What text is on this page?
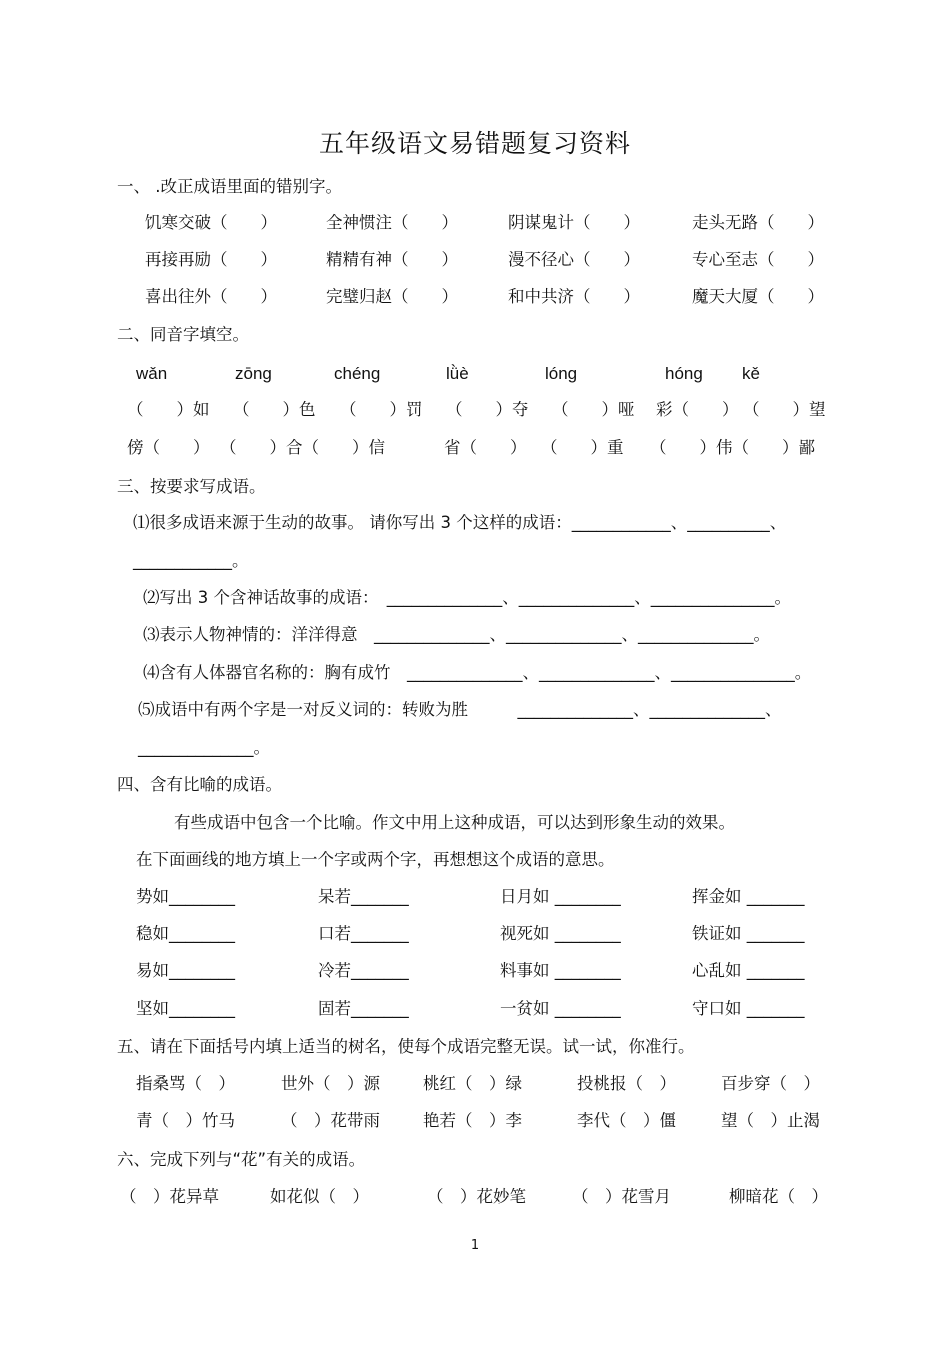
五年级语文易错题复习资料
一、 .改正成语里面的错别字。
饥寒交破（　　）	全神惯注（　　）	阴谋鬼计（　　）	走头无路（　　）
再接再励（　　）	精精有神（　　）	漫不径心（　　）	专心至志（　　）
喜出往外（　　）	完璧归赵（　　）	和中共济（　　）	魔天大厦（　　）
二、同音字填空。
wǎn	zōng	chéng	lǜè	lóng	hóng kě
（　　）如 （　　）色 （　　）罚 （　　）夺 （　　）哑 彩（　　） （　　）望
傍（　　） （　　）合（　　）信	省（　　） （　　）重 （　　）伟（　　）鄙
三、按要求写成语。
⑴很多成语来源于生动的故事。 请你写出 3 个这样的成语：____________、__________、
____________。
⑵写出 3 个含神话故事的成语：　______________、______________、_______________。
⑶表示人物神情的：洋洋得意　______________、______________、______________。
⑷含有人体器官名称的：胸有成竹　______________、______________、_______________。
⑸成语中有两个字是一对反义词的：转败为胜　　　______________、______________、
______________。
四、含有比喻的成语。
有些成语中包含一个比喻。作文中用上这种成语，可以达到形象生动的效果。
在下面画线的地方填上一个字或两个字，再想想这个成语的意思。
势如________	呆若_______	日月如 ________	挥金如 _______
稳如________	口若_______	视死如 ________	铁证如 _______
易如________	冷若_______	料事如 ________	心乱如 _______
坚如________	固若_______	一贫如 ________	守口如 _______
五、请在下面括号内填上适当的树名，使每个成语完整无误。试一试，你准行。
指桑骂（　）	世外（　）源	桃红（　）绿	投桃报（　）	百步穿（　）
青（　）竹马	（　）花带雨	艳若（　）李	李代（　）僵	望（　）止渴
六、完成下列与“花”有关的成语。
（　）花异草	如花似（　）	（　）花妙笔	（　）花雪月	柳暗花（　）
1
